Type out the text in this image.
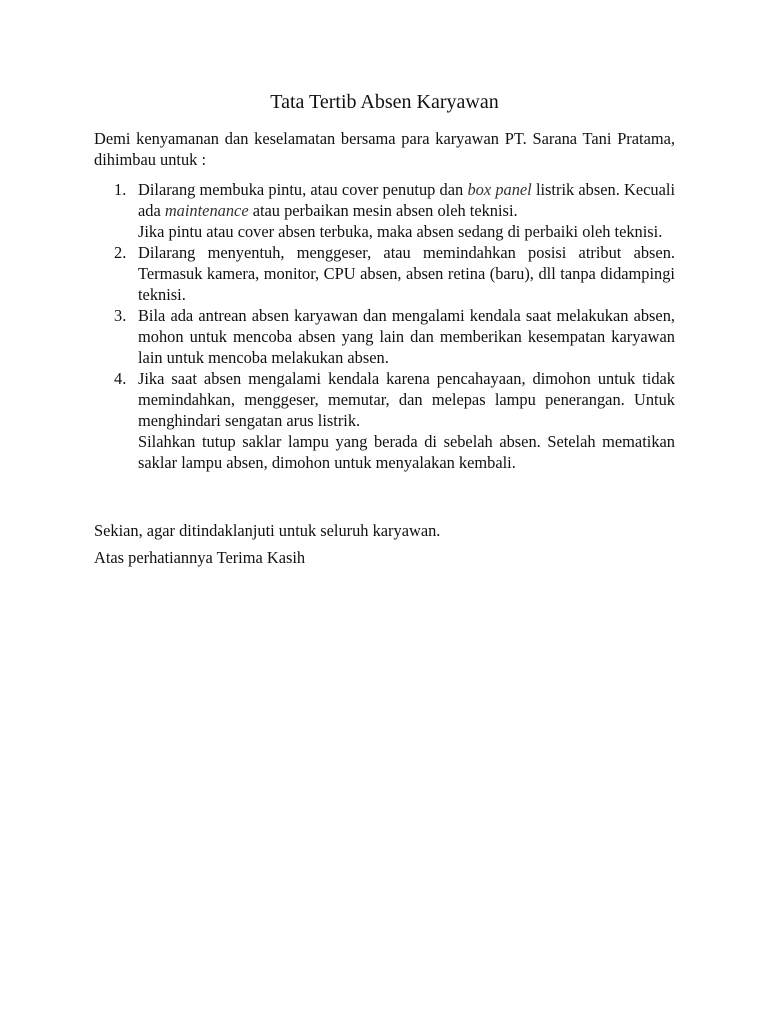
Tata Tertib Absen Karyawan

Demi kenyamanan dan keselamatan bersama para karyawan PT. Sarana Tani Pratama, dihimbau untuk :

1. Dilarang membuka pintu, atau cover penutup dan box panel listrik absen. Kecuali ada maintenance atau perbaikan mesin absen oleh teknisi.

Jika pintu atau cover absen terbuka, maka absen sedang di perbaiki oleh teknisi.

2. Dilarang menyentuh, menggeser, atau memindahkan posisi atribut absen. Termasuk kamera, monitor, CPU absen, absen retina (baru), dll tanpa didampingi teknisi.

3. Bila ada antrean absen karyawan dan mengalami kendala saat melakukan absen, mohon untuk mencoba absen yang lain dan memberikan kesempatan karyawan lain untuk mencoba melakukan absen.

4. Jika saat absen mengalami kendala karena pencahayaan, dimohon untuk tidak memindahkan, menggeser, memutar, dan melepas lampu penerangan. Untuk menghindari sengatan arus listrik.

Silahkan tutup saklar lampu yang berada di sebelah absen. Setelah mematikan saklar lampu absen, dimohon untuk menyalakan kembali.

Sekian, agar ditindaklanjuti untuk seluruh karyawan.

Atas perhatiannya Terima Kasih
